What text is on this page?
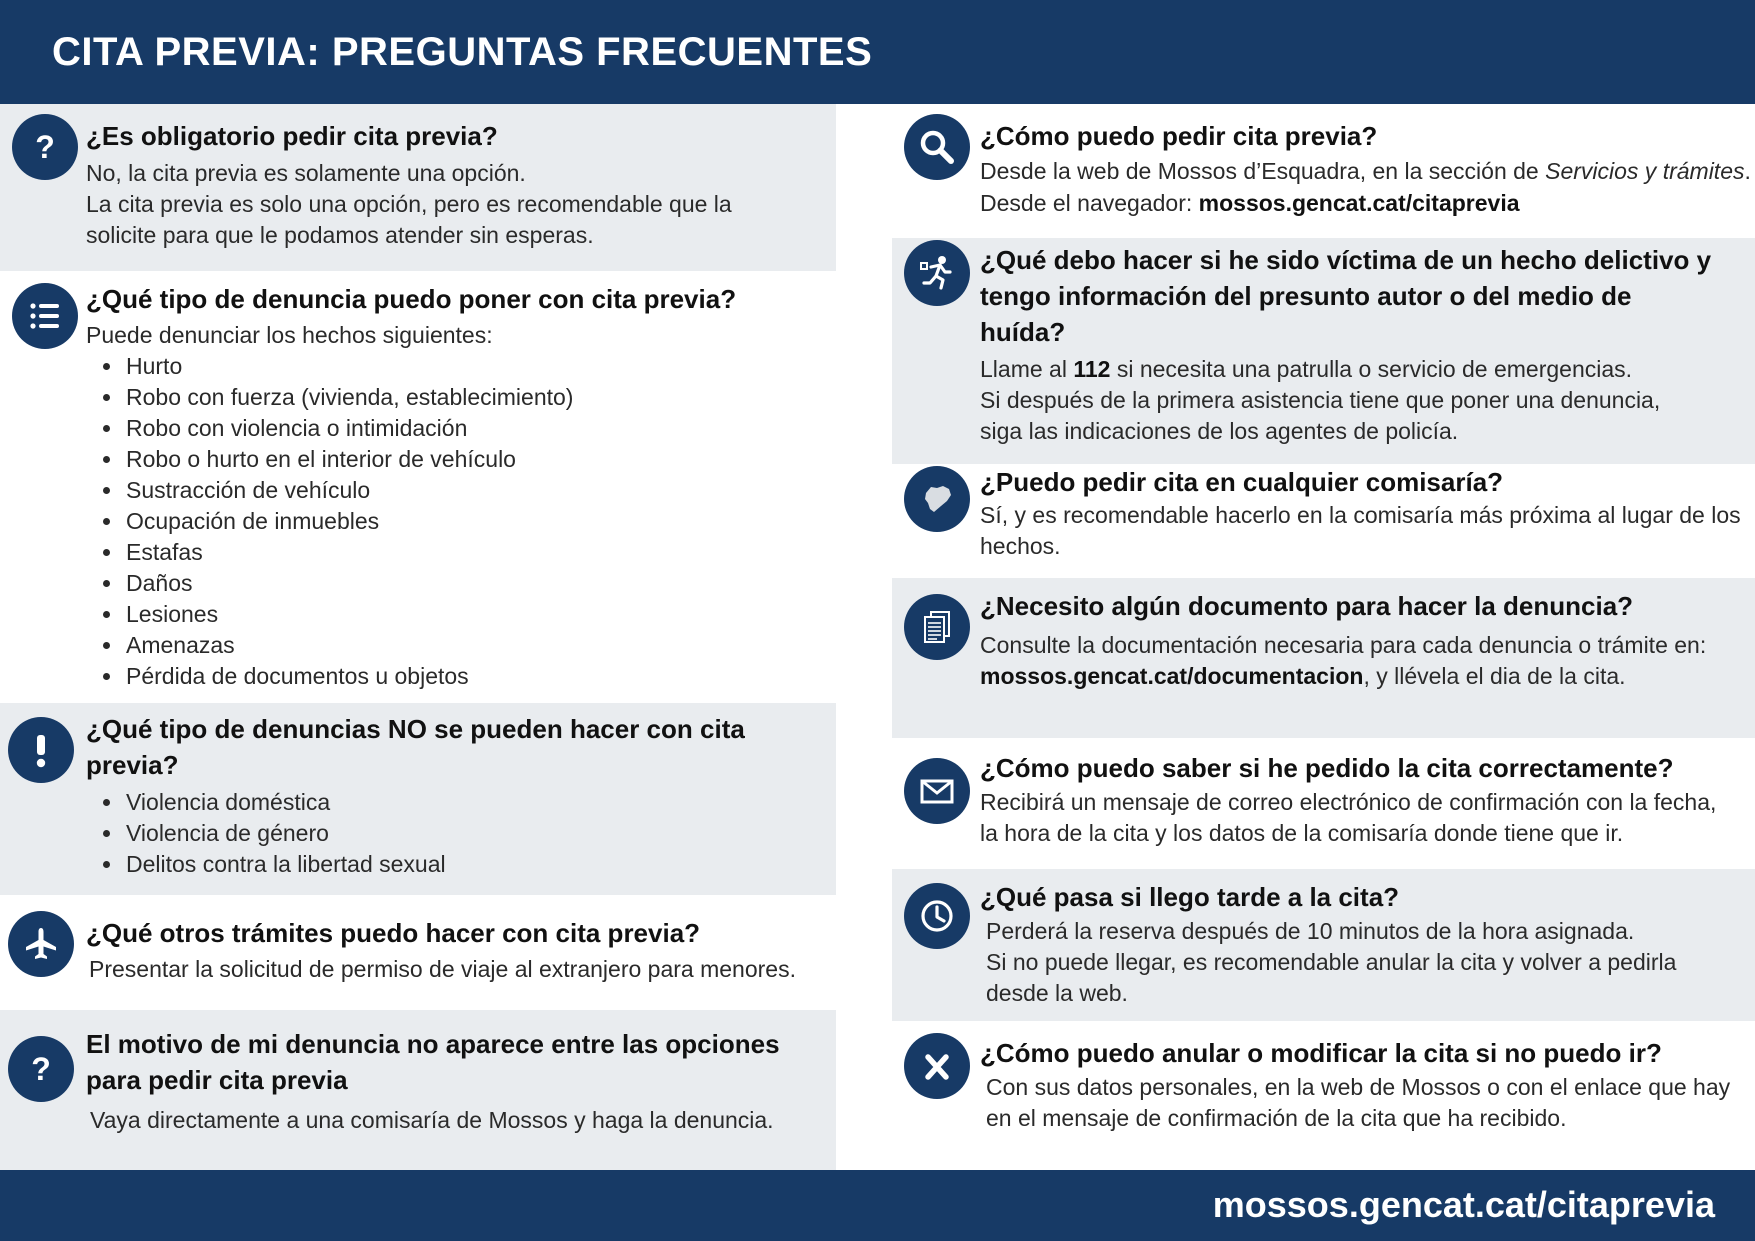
CITA PREVIA: PREGUNTAS FRECUENTES
? ¿Es obligatorio pedir cita previa?

No, la cita previa es solamente una opción.

La cita previa es solo una opción, pero es recomendable que la

solicite para que le podamos atender sin esperas.

¿Qué tipo de denuncia puedo poner con cita previa?

Puede denunciar los hechos siguientes:

• Hurto
• Robo con fuerza (vivienda, establecimiento)
• Robo con violencia o intimidación
• Robo o hurto en el interior de vehículo
• Sustracción de vehículo
• Ocupación de inmuebles
• Estafas
• Daños
• Lesiones
• Amenazas
• Pérdida de documentos u objetos

¿Qué tipo de denuncias NO se pueden hacer con cita

previa?

• Violencia doméstica
• Violencia de género
• Delitos contra la libertad sexual

¿Qué otros trámites puedo hacer con cita previa?

Presentar la solicitud de permiso de viaje al extranjero para menores.

?

El motivo de mi denuncia no aparece entre las opciones

para pedir cita previa

Vaya directamente a una comisaría de Mossos y haga la denuncia.

¿Cómo puedo pedir cita previa?

Desde la web de Mossos d’Esquadra, en la sección de Servicios y trámites.

Desde el navegador: mossos.gencat.cat/citaprevia

¿Qué debo hacer si he sido víctima de un hecho delictivo y

tengo información del presunto autor o del medio de

huída?

Llame al 112 si necesita una patrulla o servicio de emergencias.

Si después de la primera asistencia tiene que poner una denuncia,

siga las indicaciones de los agentes de policía.

¿Puedo pedir cita en cualquier comisaría?

Sí, y es recomendable hacerlo en la comisaría más próxima al lugar de los

hechos.

¿Necesito algún documento para hacer la denuncia?

Consulte la documentación necesaria para cada denuncia o trámite en:

mossos.gencat.cat/documentacion, y llévela el dia de la cita.

¿Cómo puedo saber si he pedido la cita correctamente?

Recibirá un mensaje de correo electrónico de confirmación con la fecha,

la hora de la cita y los datos de la comisaría donde tiene que ir.

¿Qué pasa si llego tarde a la cita?

Perderá la reserva después de 10 minutos de la hora asignada.

Si no puede llegar, es recomendable anular la cita y volver a pedirla

desde la web.

¿Cómo puedo anular o modificar la cita si no puedo ir?

Con sus datos personales, en la web de Mossos o con el enlace que hay

en el mensaje de confirmación de la cita que ha recibido.

mossos.gencat.cat/citaprevia
